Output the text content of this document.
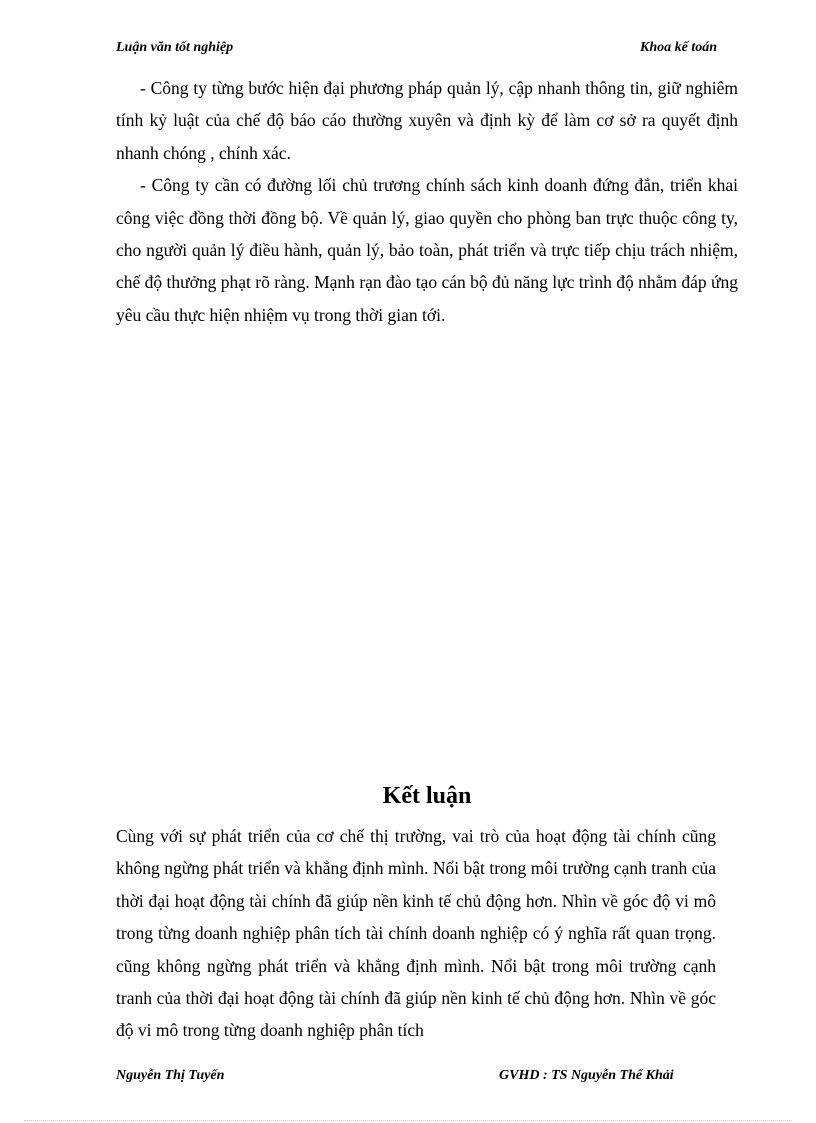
Luận văn tốt nghiệp	Khoa kế toán

- Công ty từng bước hiện đại phương pháp quản lý, cập nhanh thông tin, giữ nghiêm tính kỷ luật của chế độ báo cáo thường xuyên và định kỳ để làm cơ sở ra quyết định nhanh chóng , chính xác.

- Công ty cần có đường lối chủ trương chính sách kinh doanh đứng đắn, triển khai công việc đồng thời đồng bộ. Về quản lý, giao quyền cho phòng ban trực thuộc công ty, cho người quản lý điều hành, quản lý, bảo toàn, phát triển và trực tiếp chịu trách nhiệm, chế độ thưởng phạt rõ ràng. Mạnh rạn đào tạo cán bộ đủ năng lực trình độ nhằm đáp ứng yêu cầu thực hiện nhiệm vụ trong thời gian tới.

Kết luận

Cùng với sự phát triển của cơ chế thị trường, vai trò của hoạt động tài chính cũng không ngừng phát triển và khẳng định mình. Nổi bật trong môi trường cạnh tranh của thời đại hoạt động tài chính đã giúp nền kinh tế chủ động hơn. Nhìn về góc độ vi mô trong từng doanh nghiệp phân tích tài chính doanh nghiệp có ý nghĩa rất quan trọng. cũng không ngừng phát triển và khẳng định mình. Nổi bật trong môi trường cạnh tranh của thời đại hoạt động tài chính đã giúp nền kinh tế chủ động hơn. Nhìn về góc độ vi mô trong từng doanh nghiệp phân tích

Nguyễn Thị Tuyến	GVHD : TS Nguyễn Thế Khải
